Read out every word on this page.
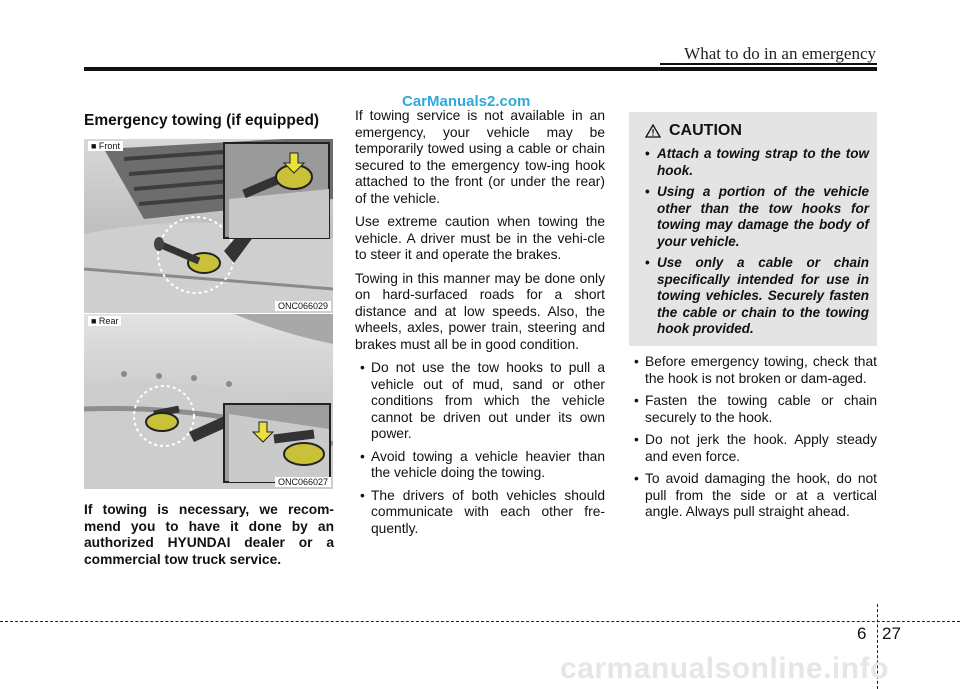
What to do in an emergency
CarManuals2.com
Emergency towing (if equipped)
■ Front
ONC066029
■ Rear
ONC066027
If towing is necessary, we recom-mend you to have it done by an authorized HYUNDAI dealer or a commercial tow truck service.

If towing service is not available in an emergency, your vehicle may be temporarily towed using a cable or chain secured to the emergency tow-ing hook attached to the front (or under the rear) of the vehicle.

Use extreme caution when towing the vehicle. A driver must be in the vehi-cle to steer it and operate the brakes.

Towing in this manner may be done only on hard-surfaced roads for a short distance and at low speeds. Also, the wheels, axles, power train, steering and brakes must all be in good condition.

• Do not use the tow hooks to pull a vehicle out of mud, sand or other conditions from which the vehicle cannot be driven out under its own power.
• Avoid towing a vehicle heavier than the vehicle doing the towing.
• The drivers of both vehicles should communicate with each other fre-quently.
CAUTION
• Attach a towing strap to the tow hook.
• Using a portion of the vehicle other than the tow hooks for towing may damage the body of your vehicle.
• Use only a cable or chain specifically intended for use in towing vehicles. Securely fasten the cable or chain to the towing hook provided.
• Before emergency towing, check that the hook is not broken or dam-aged.
• Fasten the towing cable or chain securely to the hook.
• Do not jerk the hook. Apply steady and even force.
• To avoid damaging the hook, do not pull from the side or at a vertical angle. Always pull straight ahead.
6 27
carmanualsonline.info
